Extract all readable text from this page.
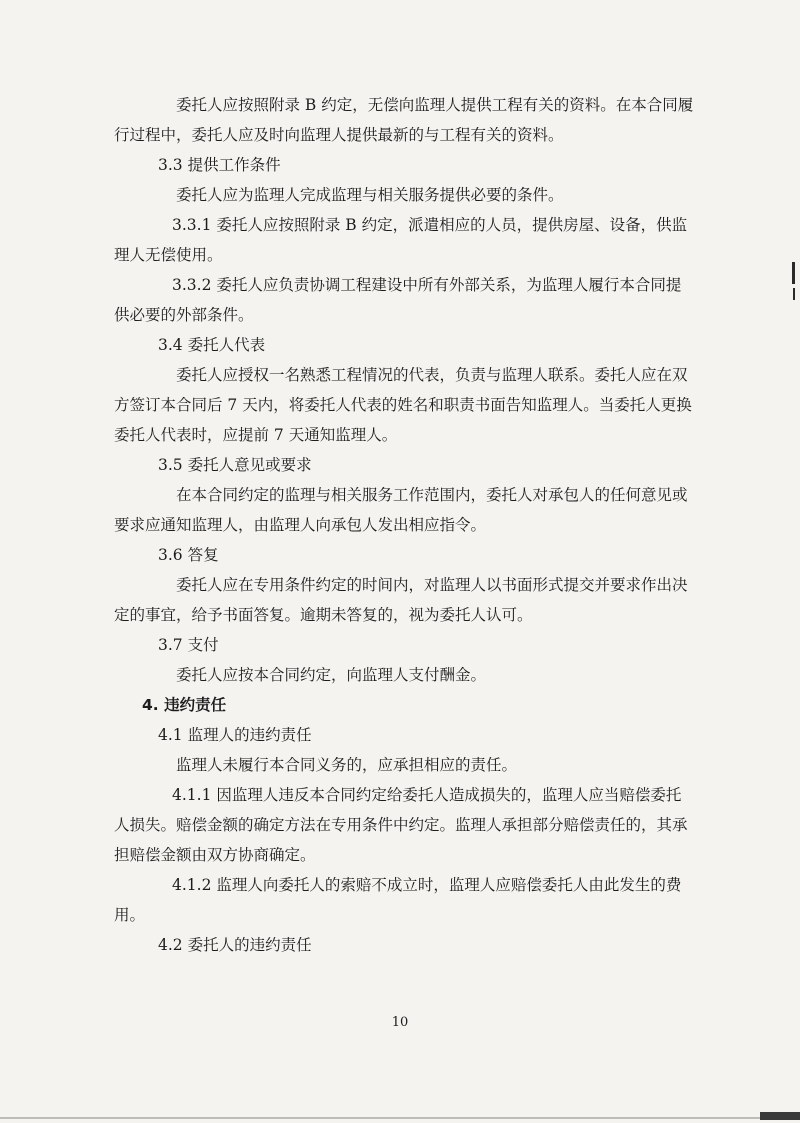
委托人应按照附录 B 约定，无偿向监理人提供工程有关的资料。在本合同履行过程中，委托人应及时向监理人提供最新的与工程有关的资料。

3.3 提供工作条件

委托人应为监理人完成监理与相关服务提供必要的条件。

3.3.1 委托人应按照附录 B 约定，派遣相应的人员，提供房屋、设备，供监理人无偿使用。

3.3.2 委托人应负责协调工程建设中所有外部关系，为监理人履行本合同提供必要的外部条件。

3.4 委托人代表

委托人应授权一名熟悉工程情况的代表，负责与监理人联系。委托人应在双方签订本合同后 7 天内，将委托人代表的姓名和职责书面告知监理人。当委托人更换委托人代表时，应提前 7 天通知监理人。

3.5 委托人意见或要求

在本合同约定的监理与相关服务工作范围内，委托人对承包人的任何意见或要求应通知监理人，由监理人向承包人发出相应指令。

3.6 答复

委托人应在专用条件约定的时间内，对监理人以书面形式提交并要求作出决定的事宜，给予书面答复。逾期未答复的，视为委托人认可。

3.7 支付

委托人应按本合同约定，向监理人支付酬金。

4. 违约责任

4.1 监理人的违约责任

监理人未履行本合同义务的，应承担相应的责任。

4.1.1 因监理人违反本合同约定给委托人造成损失的，监理人应当赔偿委托人损失。赔偿金额的确定方法在专用条件中约定。监理人承担部分赔偿责任的，其承担赔偿金额由双方协商确定。

4.1.2 监理人向委托人的索赔不成立时，监理人应赔偿委托人由此发生的费用。

4.2 委托人的违约责任

10
